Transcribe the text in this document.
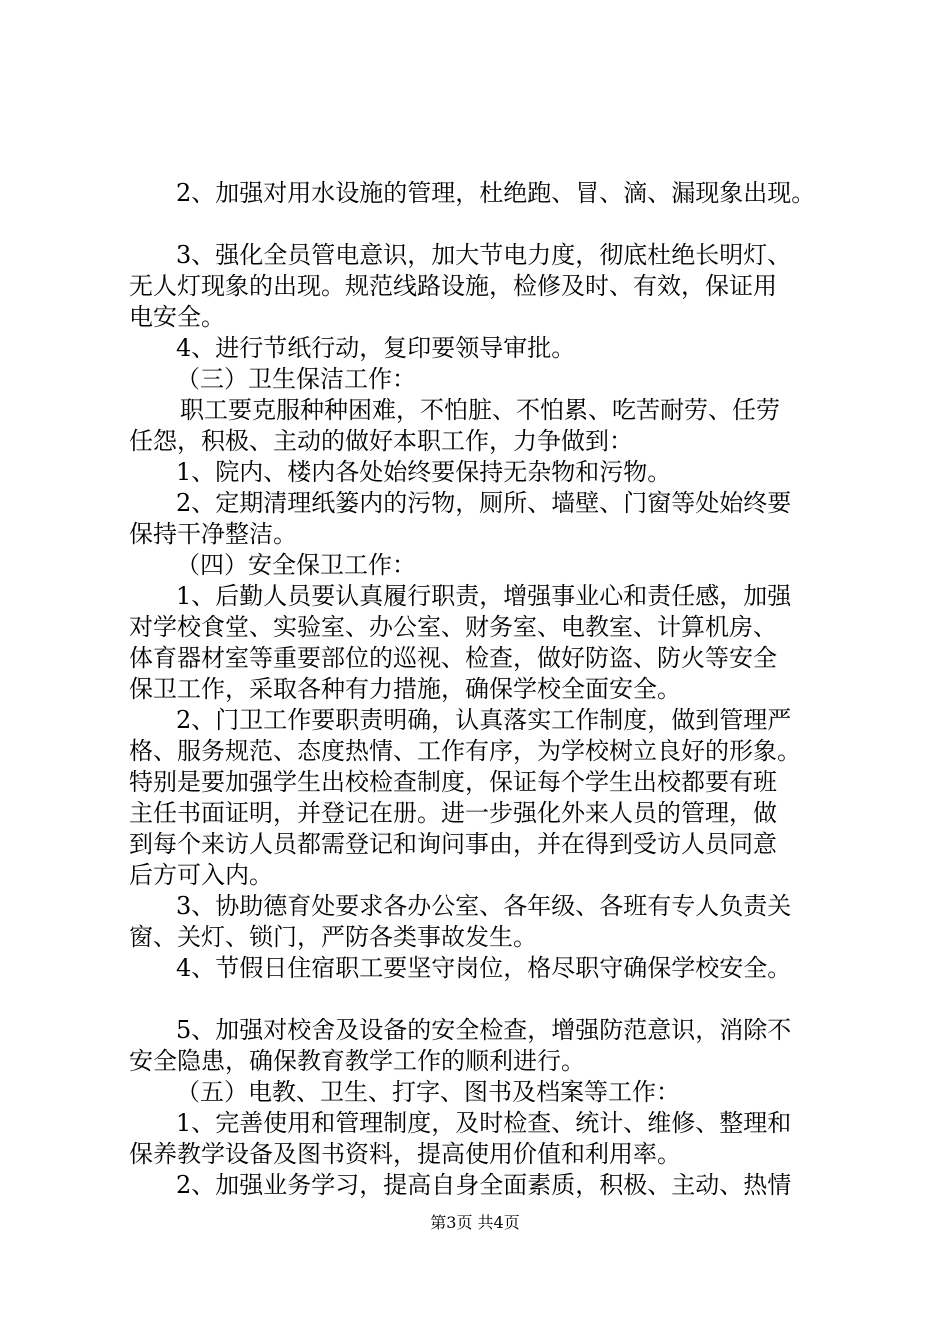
2、加强对用水设施的管理，杜绝跑、冒、滴、漏现象出现。
3、强化全员管电意识，加大节电力度，彻底杜绝长明灯、
无人灯现象的出现。规范线路设施，检修及时、有效，保证用
电安全。
4、进行节纸行动，复印要领导审批。
（三）卫生保洁工作：
职工要克服种种困难，不怕脏、不怕累、吃苦耐劳、任劳
任怨，积极、主动的做好本职工作，力争做到：
1、院内、楼内各处始终要保持无杂物和污物。
2、定期清理纸篓内的污物，厕所、墙壁、门窗等处始终要
保持干净整洁。
（四）安全保卫工作：
1、后勤人员要认真履行职责，增强事业心和责任感，加强
对学校食堂、实验室、办公室、财务室、电教室、计算机房、
体育器材室等重要部位的巡视、检查，做好防盗、防火等安全
保卫工作，采取各种有力措施，确保学校全面安全。
2、门卫工作要职责明确，认真落实工作制度，做到管理严
格、服务规范、态度热情、工作有序，为学校树立良好的形象。
特别是要加强学生出校检查制度，保证每个学生出校都要有班
主任书面证明，并登记在册。进一步强化外来人员的管理，做
到每个来访人员都需登记和询问事由，并在得到受访人员同意
后方可入内。
3、协助德育处要求各办公室、各年级、各班有专人负责关
窗、关灯、锁门，严防各类事故发生。
4、节假日住宿职工要坚守岗位，格尽职守确保学校安全。
5、加强对校舍及设备的安全检查，增强防范意识，消除不
安全隐患，确保教育教学工作的顺利进行。
（五）电教、卫生、打字、图书及档案等工作：
1、完善使用和管理制度，及时检查、统计、维修、整理和
保养教学设备及图书资料，提高使用价值和利用率。
2、加强业务学习，提高自身全面素质，积极、主动、热情
第3页 共4页
